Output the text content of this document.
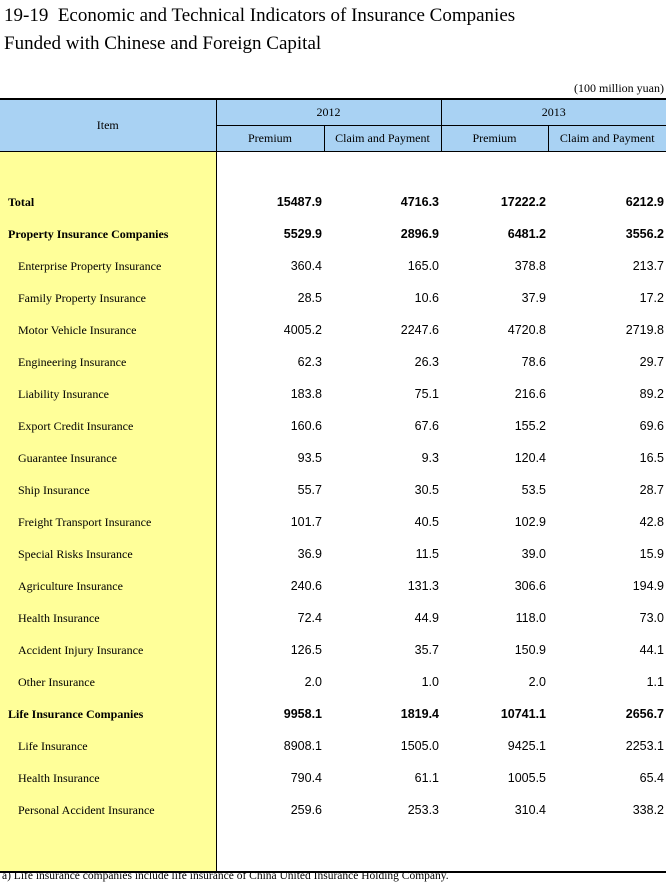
19-19  Economic and Technical Indicators of Insurance Companies
Funded with Chinese and Foreign Capital
(100 million yuan)
Item	2012		2013	
	Premium	Claim and Payment	Premium	Claim and Payment

Total	15487.9	4716.3	17222.2	6212.9
Property Insurance Companies	5529.9	2896.9	6481.2	3556.2
Enterprise Property Insurance	360.4	165.0	378.8	213.7
Family Property Insurance	28.5	10.6	37.9	17.2
Motor Vehicle Insurance	4005.2	2247.6	4720.8	2719.8
Engineering Insurance	62.3	26.3	78.6	29.7
Liability Insurance	183.8	75.1	216.6	89.2
Export Credit Insurance	160.6	67.6	155.2	69.6
Guarantee Insurance	93.5	9.3	120.4	16.5
Ship Insurance	55.7	30.5	53.5	28.7
Freight Transport Insurance	101.7	40.5	102.9	42.8
Special Risks Insurance	36.9	11.5	39.0	15.9
Agriculture Insurance	240.6	131.3	306.6	194.9
Health Insurance	72.4	44.9	118.0	73.0
Accident Injury Insurance	126.5	35.7	150.9	44.1
Other Insurance	2.0	1.0	2.0	1.1
Life Insurance Companies	9958.1	1819.4	10741.1	2656.7
Life Insurance	8908.1	1505.0	9425.1	2253.1
Health Insurance	790.4	61.1	1005.5	65.4
Personal Accident Insurance	259.6	253.3	310.4	338.2

a) Life insurance companies include life insurance of China United Insurance Holding Company.
